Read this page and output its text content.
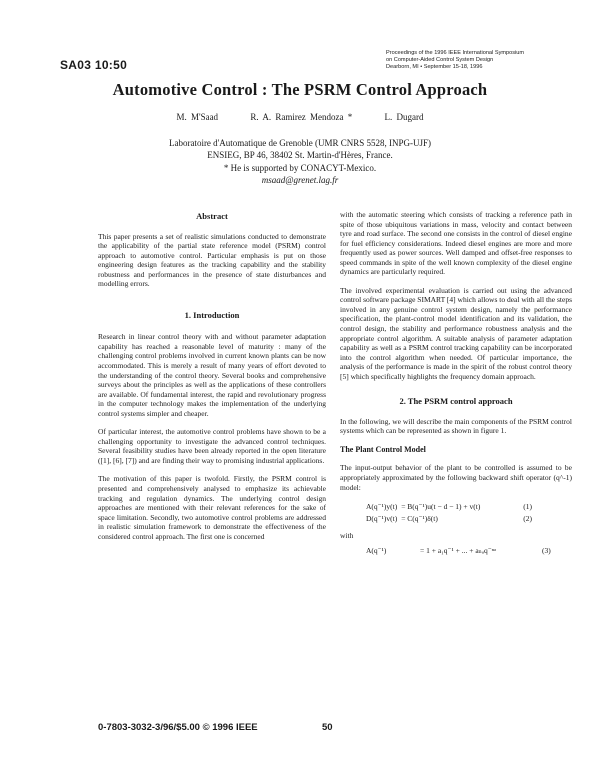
SA03 10:50
Proceedings of the 1996 IEEE International Symposium
on Computer-Aided Control System Design
Dearborn, MI • September 15-18, 1996
Automotive Control : The PSRM Control Approach
M. M'Saad	R. A. Ramirez Mendoza *	L. Dugard
Laboratoire d'Automatique de Grenoble (UMR CNRS 5528, INPG-UJF)
ENSIEG, BP 46, 38402 St. Martin-d'Hères, France.
* He is supported by CONACYT-Mexico.
msaad@grenet.lag.fr

Abstract

This paper presents a set of realistic simulations conducted to demonstrate the applicability of the partial state reference model (PSRM) control approach to automotive control. Particular emphasis is put on those engineering design features as the tracking capability and the stability robustness and performances in the presence of state disturbances and modelling errors.

1. Introduction

Research in linear control theory with and without parameter adaptation capability has reached a reasonable level of maturity : many of the challenging control problems involved in current known plants can be now accommodated. This is merely a result of many years of effort devoted to the understanding of the control theory. Several books and comprehensive surveys about the principles as well as the applications of these controllers are available. Of fundamental interest, the rapid and revolutionary progress in the computer technology makes the implementation of the underlying control systems simpler and cheaper.

Of particular interest, the automotive control problems have shown to be a challenging opportunity to investigate the advanced control techniques. Several feasibility studies have been already reported in the open literature ([1], [6], [7]) and are finding their way to promising industrial applications.

The motivation of this paper is twofold. Firstly, the PSRM control is presented and comprehensively analysed to emphasize its achievable tracking and regulation dynamics. The underlying control design approaches are mentioned with their relevant references for the sake of space limitation. Secondly, two automotive control problems are addressed in realistic simulation framework to demonstrate the effectiveness of the considered control approach. The first one is concerned

with the automatic steering which consists of tracking a reference path in spite of those ubiquitous variations in mass, velocity and contact between tyre and road surface. The second one consists in the control of diesel engine for fuel efficiency considerations. Indeed diesel engines are more and more frequently used as power sources. Well damped and offset-free responses to speed commands in spite of the well known complexity of the diesel engine dynamics are particularly required.

The involved experimental evaluation is carried out using the advanced control software package SIMART [4] which allows to deal with all the steps involved in any genuine control system design, namely the performance specification, the plant-control model identification and its validation, the control design, the stability and performance robustness analysis and the appropriate control algorithm. A suitable analysis of parameter adaptation capability as well as a PSRM control tracking capability can be incorporated into the control algorithm when needed. Of particular importance, the analysis of the performance is made in the spirit of the robust control theory [5] which specifically highlights the frequency domain approach.

2. The PSRM control approach

In the following, we will describe the main components of the PSRM control systems which can be represented as shown in figure 1.

The Plant Control Model

The input-output behavior of the plant to be controlled is assumed to be appropriately approximated by the following backward shift operator (q^-1) model:

A(q⁻¹)y(t)	= B(q⁻¹)u(t − d − 1) + v(t)	(1)
D(q⁻¹)v(t)	= C(q⁻¹)δ(t)	(2)

with

A(q⁻¹)	= 1 + a₁q⁻¹ + ... + aₙₐq⁻ⁿᵃ	(3)
0-7803-3032-3/96/$5.00 © 1996 IEEE	50
